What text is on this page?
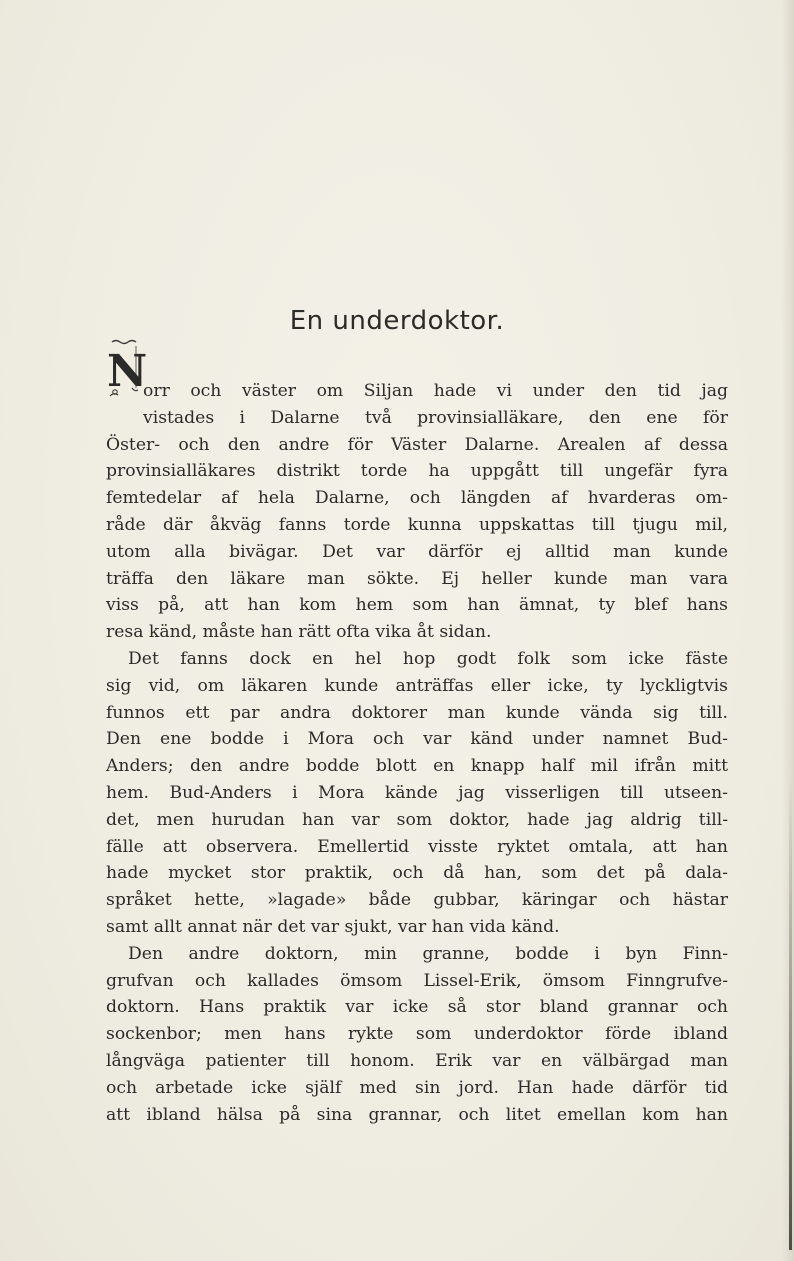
En underdoktor.
N
orr och väster om Siljan hade vi under den tid jag
vistades i Dalarne två provinsialläkare, den ene för
Öster- och den andre för Väster Dalarne. Arealen af dessa
provinsialläkares distrikt torde ha uppgått till ungefär fyra
femtedelar af hela Dalarne, och längden af hvarderas om-
råde där åkväg fanns torde kunna uppskattas till tjugu mil,
utom alla bivägar. Det var därför ej alltid man kunde
träffa den läkare man sökte. Ej heller kunde man vara
viss på, att han kom hem som han ämnat, ty blef hans
resa känd, måste han rätt ofta vika åt sidan.
Det fanns dock en hel hop godt folk som icke fäste
sig vid, om läkaren kunde anträffas eller icke, ty lyckligtvis
funnos ett par andra doktorer man kunde vända sig till.
Den ene bodde i Mora och var känd under namnet Bud-
Anders; den andre bodde blott en knapp half mil ifrån mitt
hem. Bud-Anders i Mora kände jag visserligen till utseen-
det, men hurudan han var som doktor, hade jag aldrig till-
fälle att observera. Emellertid visste ryktet omtala, att han
hade mycket stor praktik, och då han, som det på dala-
språket hette, »lagade» både gubbar, käringar och hästar
samt allt annat när det var sjukt, var han vida känd.
Den andre doktorn, min granne, bodde i byn Finn-
grufvan och kallades ömsom Lissel-Erik, ömsom Finngrufve-
doktorn. Hans praktik var icke så stor bland grannar och
sockenbor; men hans rykte som underdoktor förde ibland
långväga patienter till honom. Erik var en välbärgad man
och arbetade icke själf med sin jord. Han hade därför tid
att ibland hälsa på sina grannar, och litet emellan kom han
